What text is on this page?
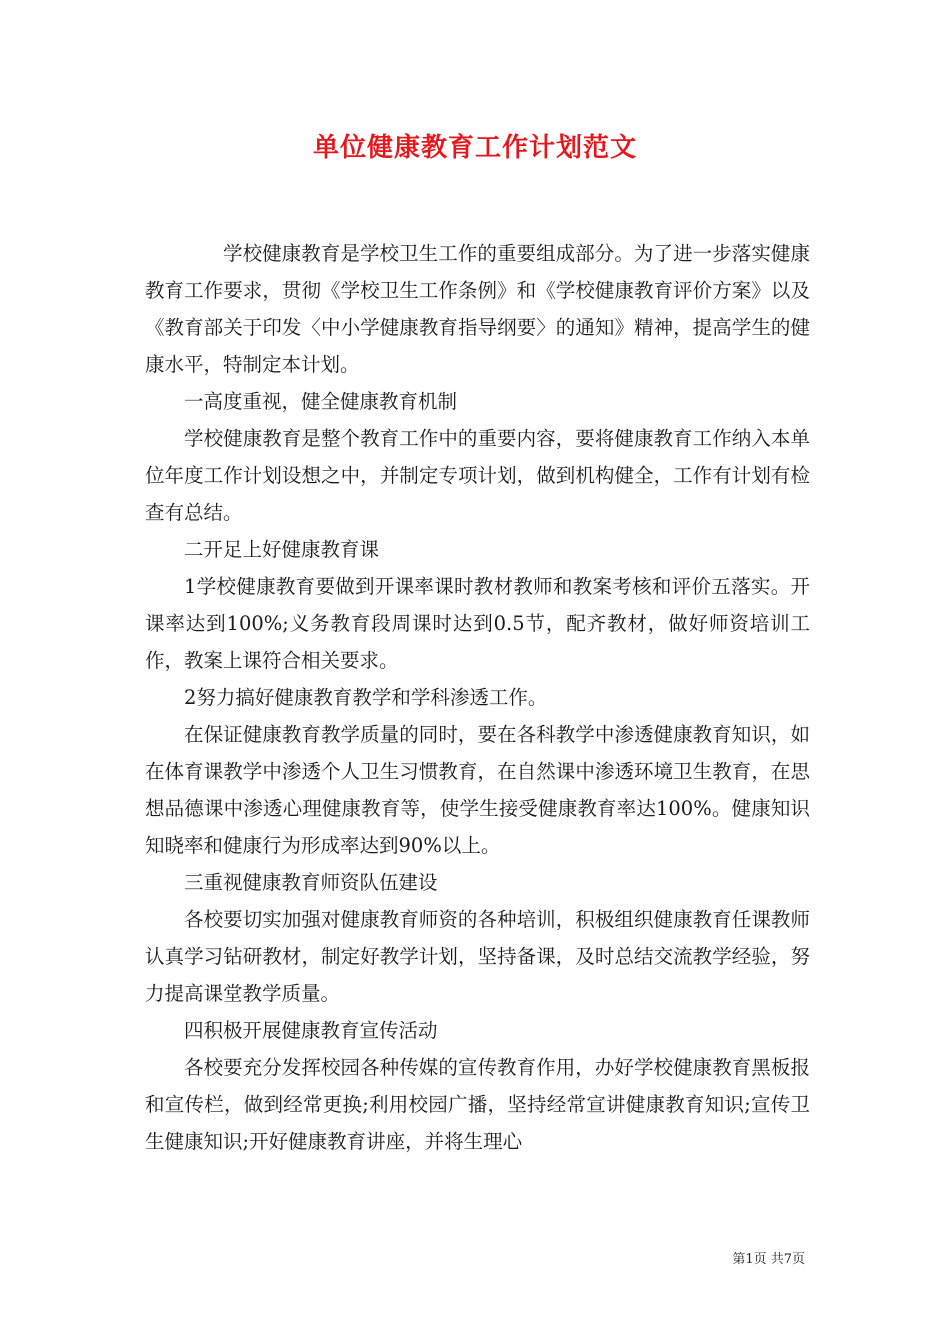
单位健康教育工作计划范文

学校健康教育是学校卫生工作的重要组成部分。为了进一步落实健康教育工作要求，贯彻《学校卫生工作条例》和《学校健康教育评价方案》以及《教育部关于印发〈中小学健康教育指导纲要〉的通知》精神，提高学生的健康水平，特制定本计划。

一高度重视，健全健康教育机制

学校健康教育是整个教育工作中的重要内容，要将健康教育工作纳入本单位年度工作计划设想之中，并制定专项计划，做到机构健全，工作有计划有检查有总结。

二开足上好健康教育课

1学校健康教育要做到开课率课时教材教师和教案考核和评价五落实。开课率达到100%;义务教育段周课时达到0.5节，配齐教材，做好师资培训工作，教案上课符合相关要求。

2努力搞好健康教育教学和学科渗透工作。

在保证健康教育教学质量的同时，要在各科教学中渗透健康教育知识，如在体育课教学中渗透个人卫生习惯教育，在自然课中渗透环境卫生教育，在思想品德课中渗透心理健康教育等，使学生接受健康教育率达100%。健康知识知晓率和健康行为形成率达到90%以上。

三重视健康教育师资队伍建设

各校要切实加强对健康教育师资的各种培训，积极组织健康教育任课教师认真学习钻研教材，制定好教学计划，坚持备课，及时总结交流教学经验，努力提高课堂教学质量。

四积极开展健康教育宣传活动

各校要充分发挥校园各种传媒的宣传教育作用，办好学校健康教育黑板报和宣传栏，做到经常更换;利用校园广播，坚持经常宣讲健康教育知识;宣传卫生健康知识;开好健康教育讲座，并将生理心

第1页 共7页
